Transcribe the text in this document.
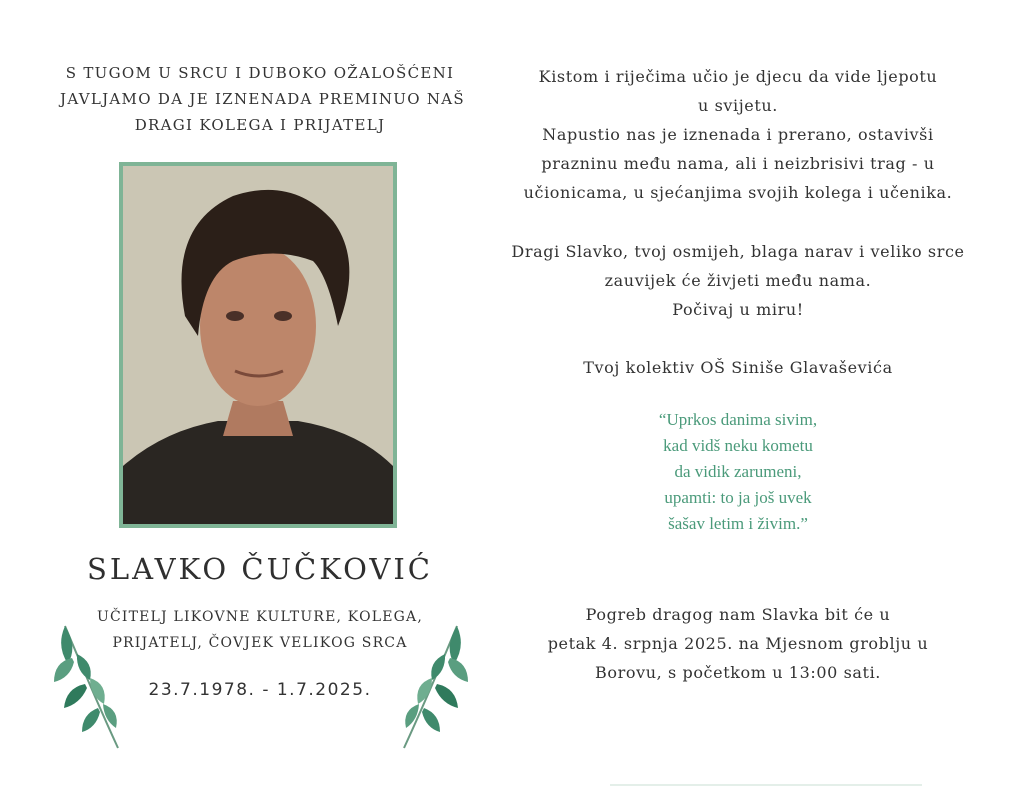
S TUGOM U SRCU I DUBOKO OŽALOŠĆENI
JAVLJAMO DA JE IZNENADA PREMINUO NAŠ
DRAGI KOLEGA I PRIJATELJ
SLAVKO ČUČKOVIĆ
UČITELJ LIKOVNE KULTURE, KOLEGA,
PRIJATELJ, ČOVJEK VELIKOG SRCA
23.7.1978. - 1.7.2025.
Kistom i riječima učio je djecu da vide ljepotu
u svijetu.
Napustio nas je iznenada i prerano, ostavivši
prazninu među nama, ali i neizbrisivi trag - u
učionicama, u sjećanjima svojih kolega i učenika.
Dragi Slavko, tvoj osmijeh, blaga narav i veliko srce
zauvijek će živjeti među nama.
Počivaj u miru!
Tvoj kolektiv OŠ Siniše Glavaševića
“Uprkos danima sivim,
kad vidš neku kometu
da vidik zarumeni,
upamti: to ja još uvek
šašav letim i živim.”
Pogreb dragog nam Slavka bit će u
petak 4. srpnja 2025. na Mjesnom groblju u
Borovu, s početkom u 13:00 sati.
